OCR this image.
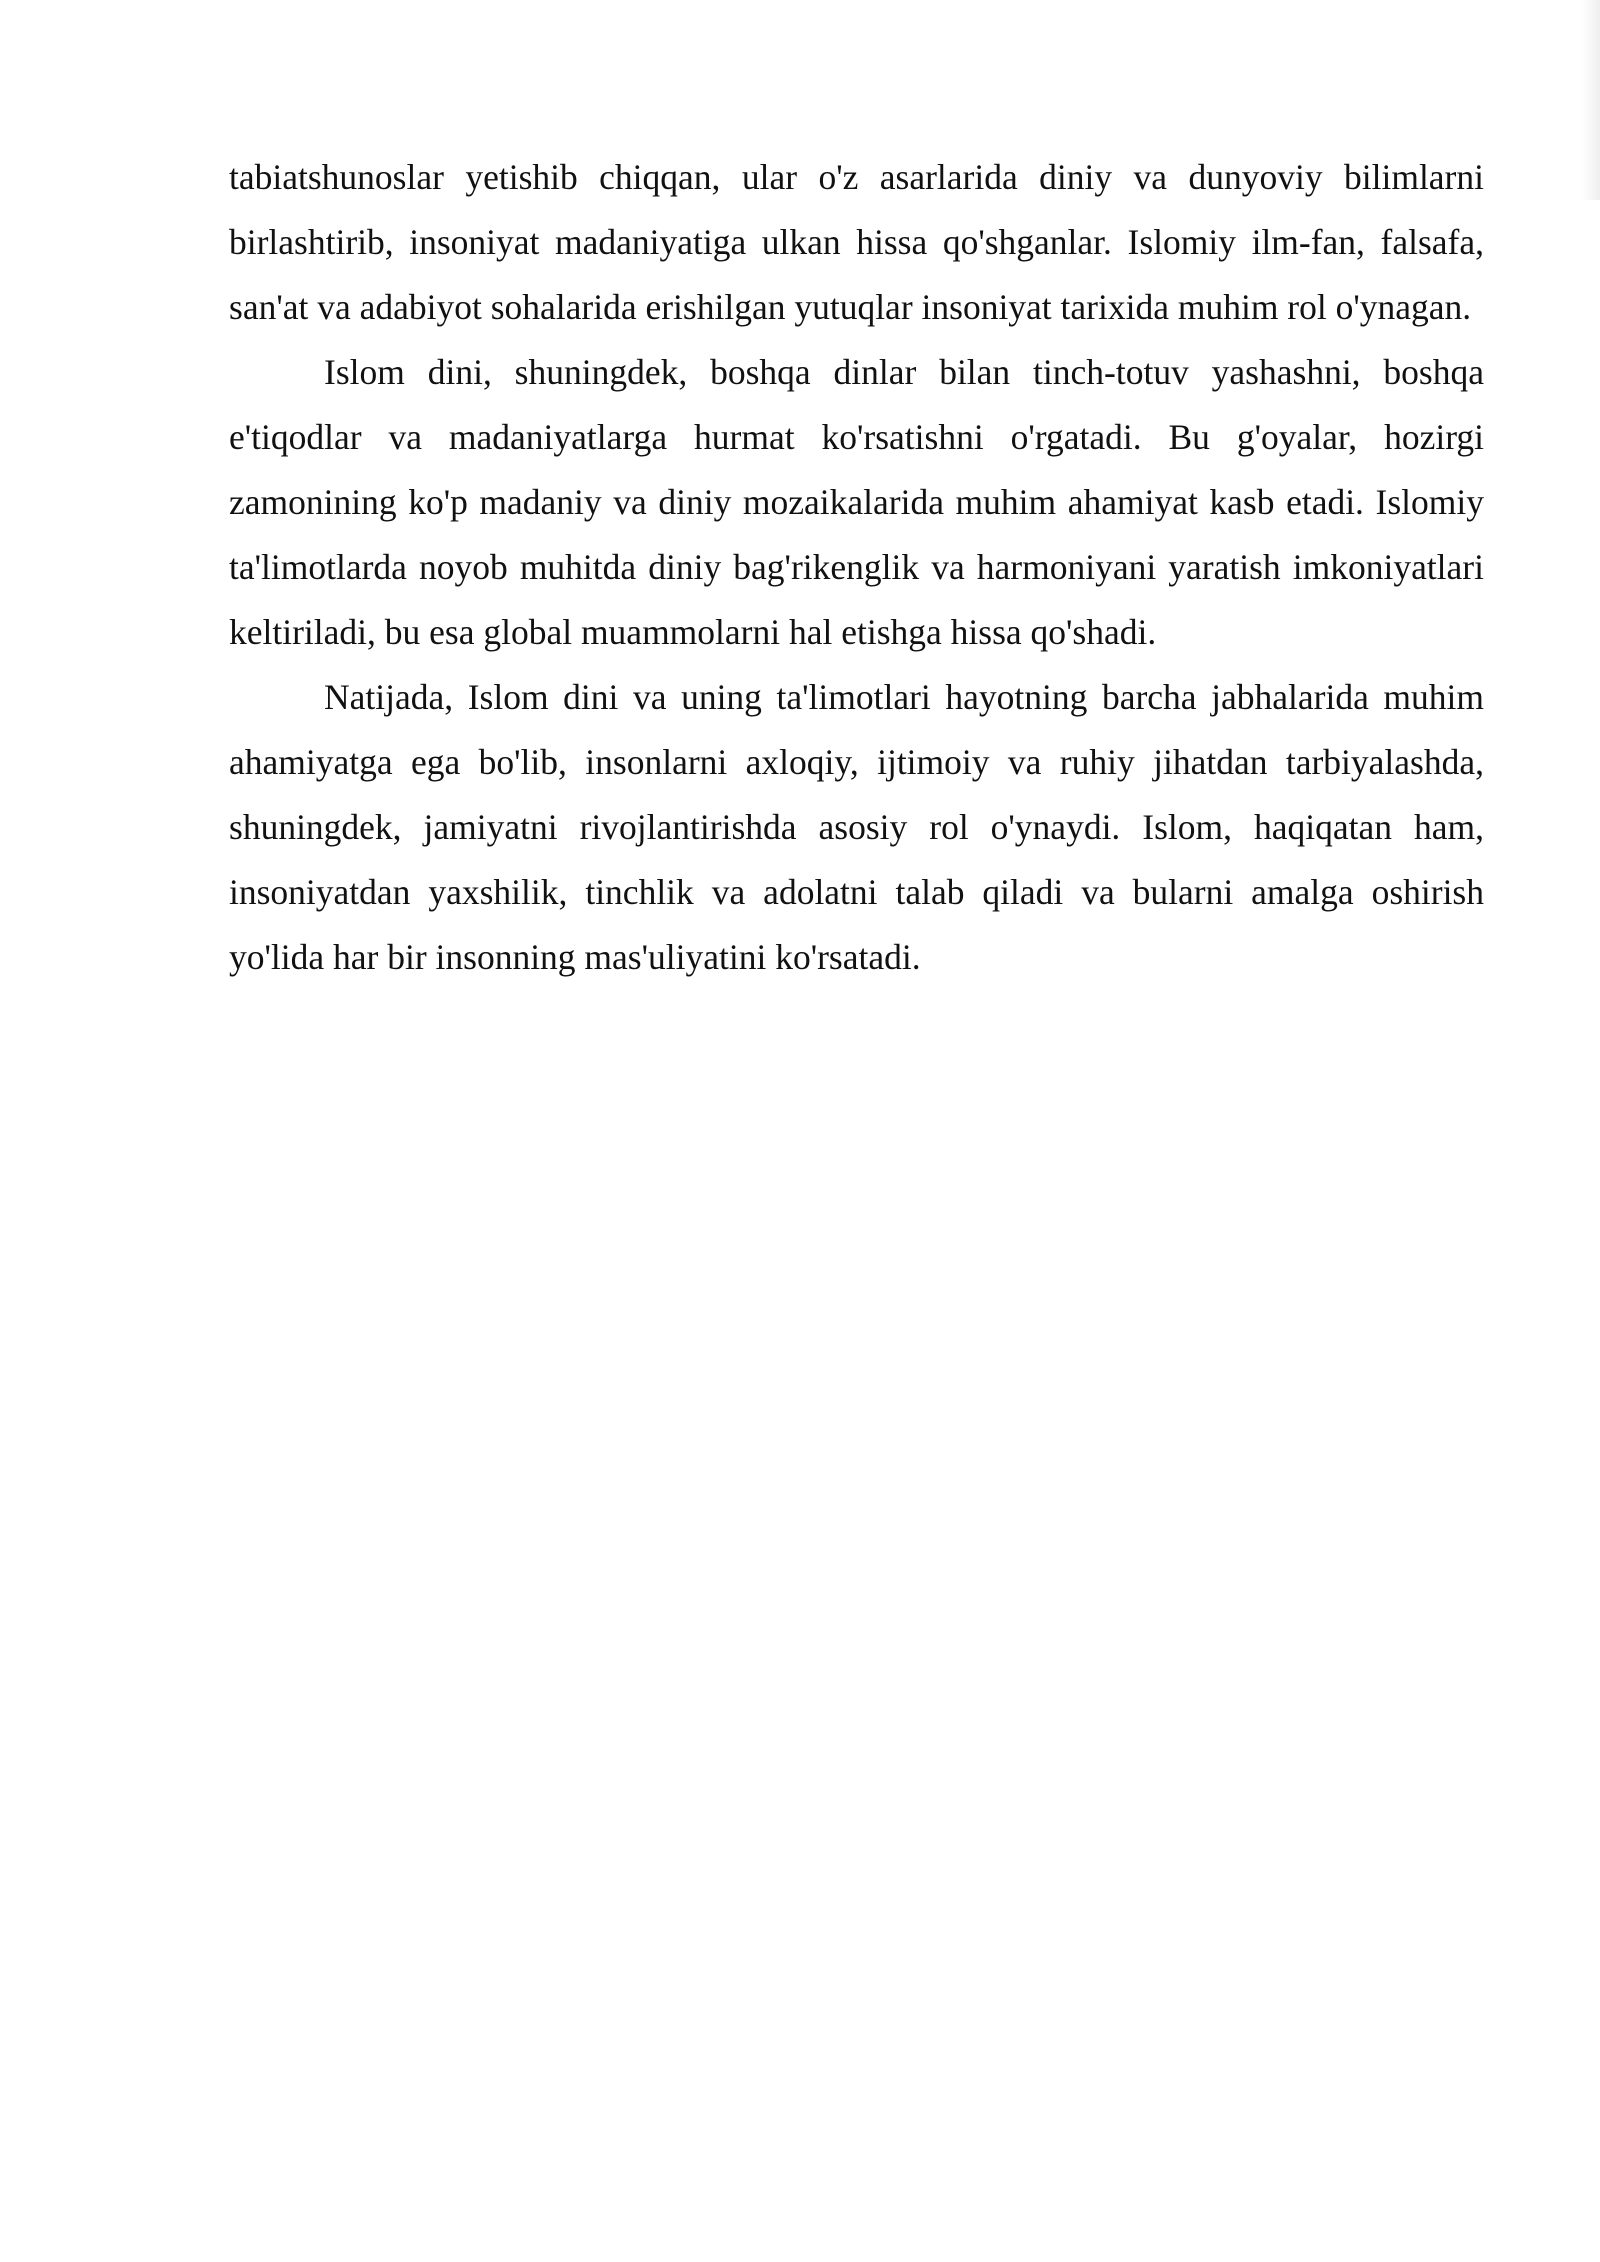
tabiatshunoslar yetishib chiqqan, ular o'z asarlarida diniy va dunyoviy bilimlarni birlashtirib, insoniyat madaniyatiga ulkan hissa qo'shganlar. Islomiy ilm-fan, falsafa, san'at va adabiyot sohalarida erishilgan yutuqlar insoniyat tarixida muhim rol o'ynagan.

Islom dini, shuningdek, boshqa dinlar bilan tinch-totuv yashashni, boshqa e'tiqodlar va madaniyatlarga hurmat ko'rsatishni o'rgatadi. Bu g'oyalar, hozirgi zamonining ko'p madaniy va diniy mozaikalarida muhim ahamiyat kasb etadi. Islomiy ta'limotlarda noyob muhitda diniy bag'rikenglik va harmoniyani yaratish imkoniyatlari keltiriladi, bu esa global muammolarni hal etishga hissa qo'shadi.

Natijada, Islom dini va uning ta'limotlari hayotning barcha jabhalarida muhim ahamiyatga ega bo'lib, insonlarni axloqiy, ijtimoiy va ruhiy jihatdan tarbiyalashda, shuningdek, jamiyatni rivojlantirishda asosiy rol o'ynaydi. Islom, haqiqatan ham, insoniyatdan yaxshilik, tinchlik va adolatni talab qiladi va bularni amalga oshirish yo'lida har bir insonning mas'uliyatini ko'rsatadi.
